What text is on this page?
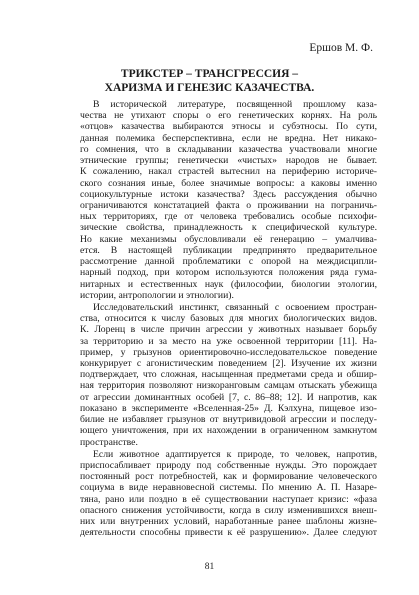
Ершов М. Ф.
ТРИКСТЕР – ТРАНСГРЕССИЯ –
ХАРИЗМА И ГЕНЕЗИС КАЗАЧЕСТВА.

В исторической литературе, посвященной прошлому каза-
чества не утихают споры о его генетических корнях. На роль
«отцов» казачества выбираются этносы и субэтносы. По сути,
данная полемика бесперспективна, если не вредна. Нет никако-
го сомнения, что в складывании казачества участвовали многие
этнические группы; генетически «чистых» народов не бывает.
К сожалению, накал страстей вытеснил на периферию историче-
ского сознания иные, более значимые вопросы: а каковы именно
социокультурные истоки казачества? Здесь рассуждения обычно
ограничиваются констатацией факта о проживании на пограничь-
ных территориях, где от человека требовались особые психофи-
зические свойства, принадлежность к специфической культуре.
Но какие механизмы обусловливали её генерацию – умалчива-
ется. В настоящей публикации предпринято предварительное
рассмотрение данной проблематики с опорой на междисципли-
нарный подход, при котором используются положения ряда гума-
нитарных и естественных наук (философии, биологии этологии,
истории, антропологии и этнологии).

Исследовательский инстинкт, связанный с освоением простран-
ства, относится к числу базовых для многих биологических видов.
К. Лоренц в числе причин агрессии у животных называет борьбу
за территорию и за место на уже освоенной территории [11]. На-
пример, у грызунов ориентировочно-исследовательское поведение
конкурирует с агонистическим поведением [2]. Изучение их жизни
подтверждает, что сложная, насыщенная предметами среда и обшир-
ная территория позволяют низкоранговым самцам отыскать убежища
от агрессии доминантных особей [7, с. 86–88; 12]. И напротив, как
показано в эксперименте «Вселенная-25» Д. Кэлхуна, пищевое изо-
билие не избавляет грызунов от внутривидовой агрессии и последу-
ющего уничтожения, при их нахождении в ограниченном замкнутом
пространстве.

Если животное адаптируется к природе, то человек, напротив,
приспосабливает природу под собственные нужды. Это порождает
постоянный рост потребностей, как и формирование человеческого
социума в виде неравновесной системы. По мнению А. П. Назаре-
тяна, рано или поздно в её существовании наступает кризис: «фаза
опасного снижения устойчивости, когда в силу изменившихся внеш-
них или внутренних условий, наработанные ранее шаблоны жизне-
деятельности способны привести к её разрушению». Далее следуют

81
